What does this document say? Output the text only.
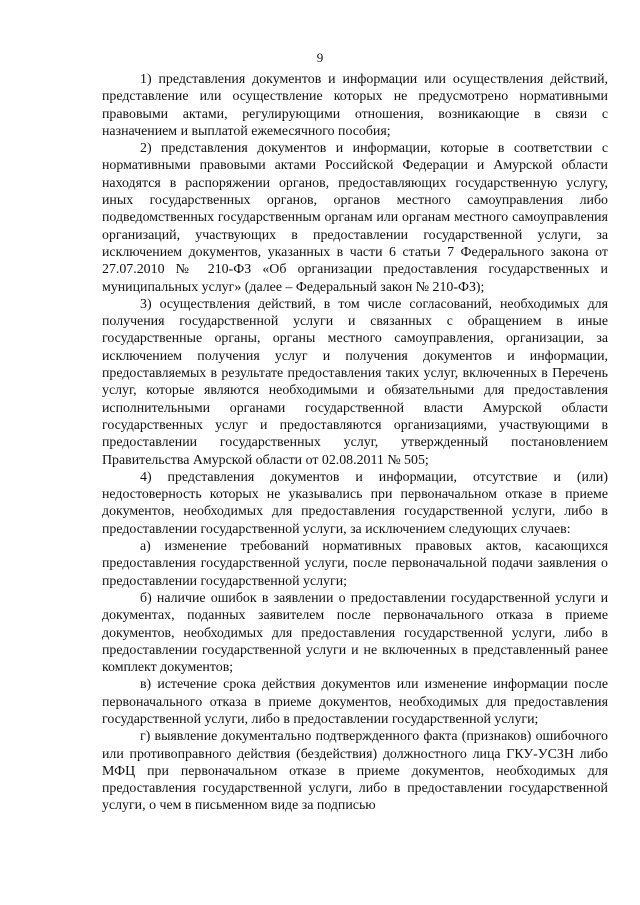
9

1) представления документов и информации или осуществления действий, представление или осуществление которых не предусмотрено нормативными правовыми актами, регулирующими отношения, возникающие в связи с назначением и выплатой ежемесячного пособия;

2) представления документов и информации, которые в соответствии с нормативными правовыми актами Российской Федерации и Амурской области находятся в распоряжении органов, предоставляющих государственную услугу, иных государственных органов, органов местного самоуправления либо подведомственных государственным органам или органам местного самоуправления организаций, участвующих в предоставлении государственной услуги, за исключением документов, указанных в части 6 статьи 7 Федерального закона от 27.07.2010 № 210-ФЗ «Об организации предоставления государственных и муниципальных услуг» (далее – Федеральный закон № 210-ФЗ);

3) осуществления действий, в том числе согласований, необходимых для получения государственной услуги и связанных с обращением в иные государственные органы, органы местного самоуправления, организации, за исключением получения услуг и получения документов и информации, предоставляемых в результате предоставления таких услуг, включенных в Перечень услуг, которые являются необходимыми и обязательными для предоставления исполнительными органами государственной власти Амурской области государственных услуг и предоставляются организациями, участвующими в предоставлении государственных услуг, утвержденный постановлением Правительства Амурской области от 02.08.2011 № 505;

4) представления документов и информации, отсутствие и (или) недостоверность которых не указывались при первоначальном отказе в приеме документов, необходимых для предоставления государственной услуги, либо в предоставлении государственной услуги, за исключением следующих случаев:

а) изменение требований нормативных правовых актов, касающихся предоставления государственной услуги, после первоначальной подачи заявления о предоставлении государственной услуги;

б) наличие ошибок в заявлении о предоставлении государственной услуги и документах, поданных заявителем после первоначального отказа в приеме документов, необходимых для предоставления государственной услуги, либо в предоставлении государственной услуги и не включенных в представленный ранее комплект документов;

в) истечение срока действия документов или изменение информации после первоначального отказа в приеме документов, необходимых для предоставления государственной услуги, либо в предоставлении государственной услуги;

г) выявление документально подтвержденного факта (признаков) ошибочного или противоправного действия (бездействия) должностного лица ГКУ-УСЗН либо МФЦ при первоначальном отказе в приеме документов, необходимых для предоставления государственной услуги, либо в предоставлении государственной услуги, о чем в письменном виде за подписью
